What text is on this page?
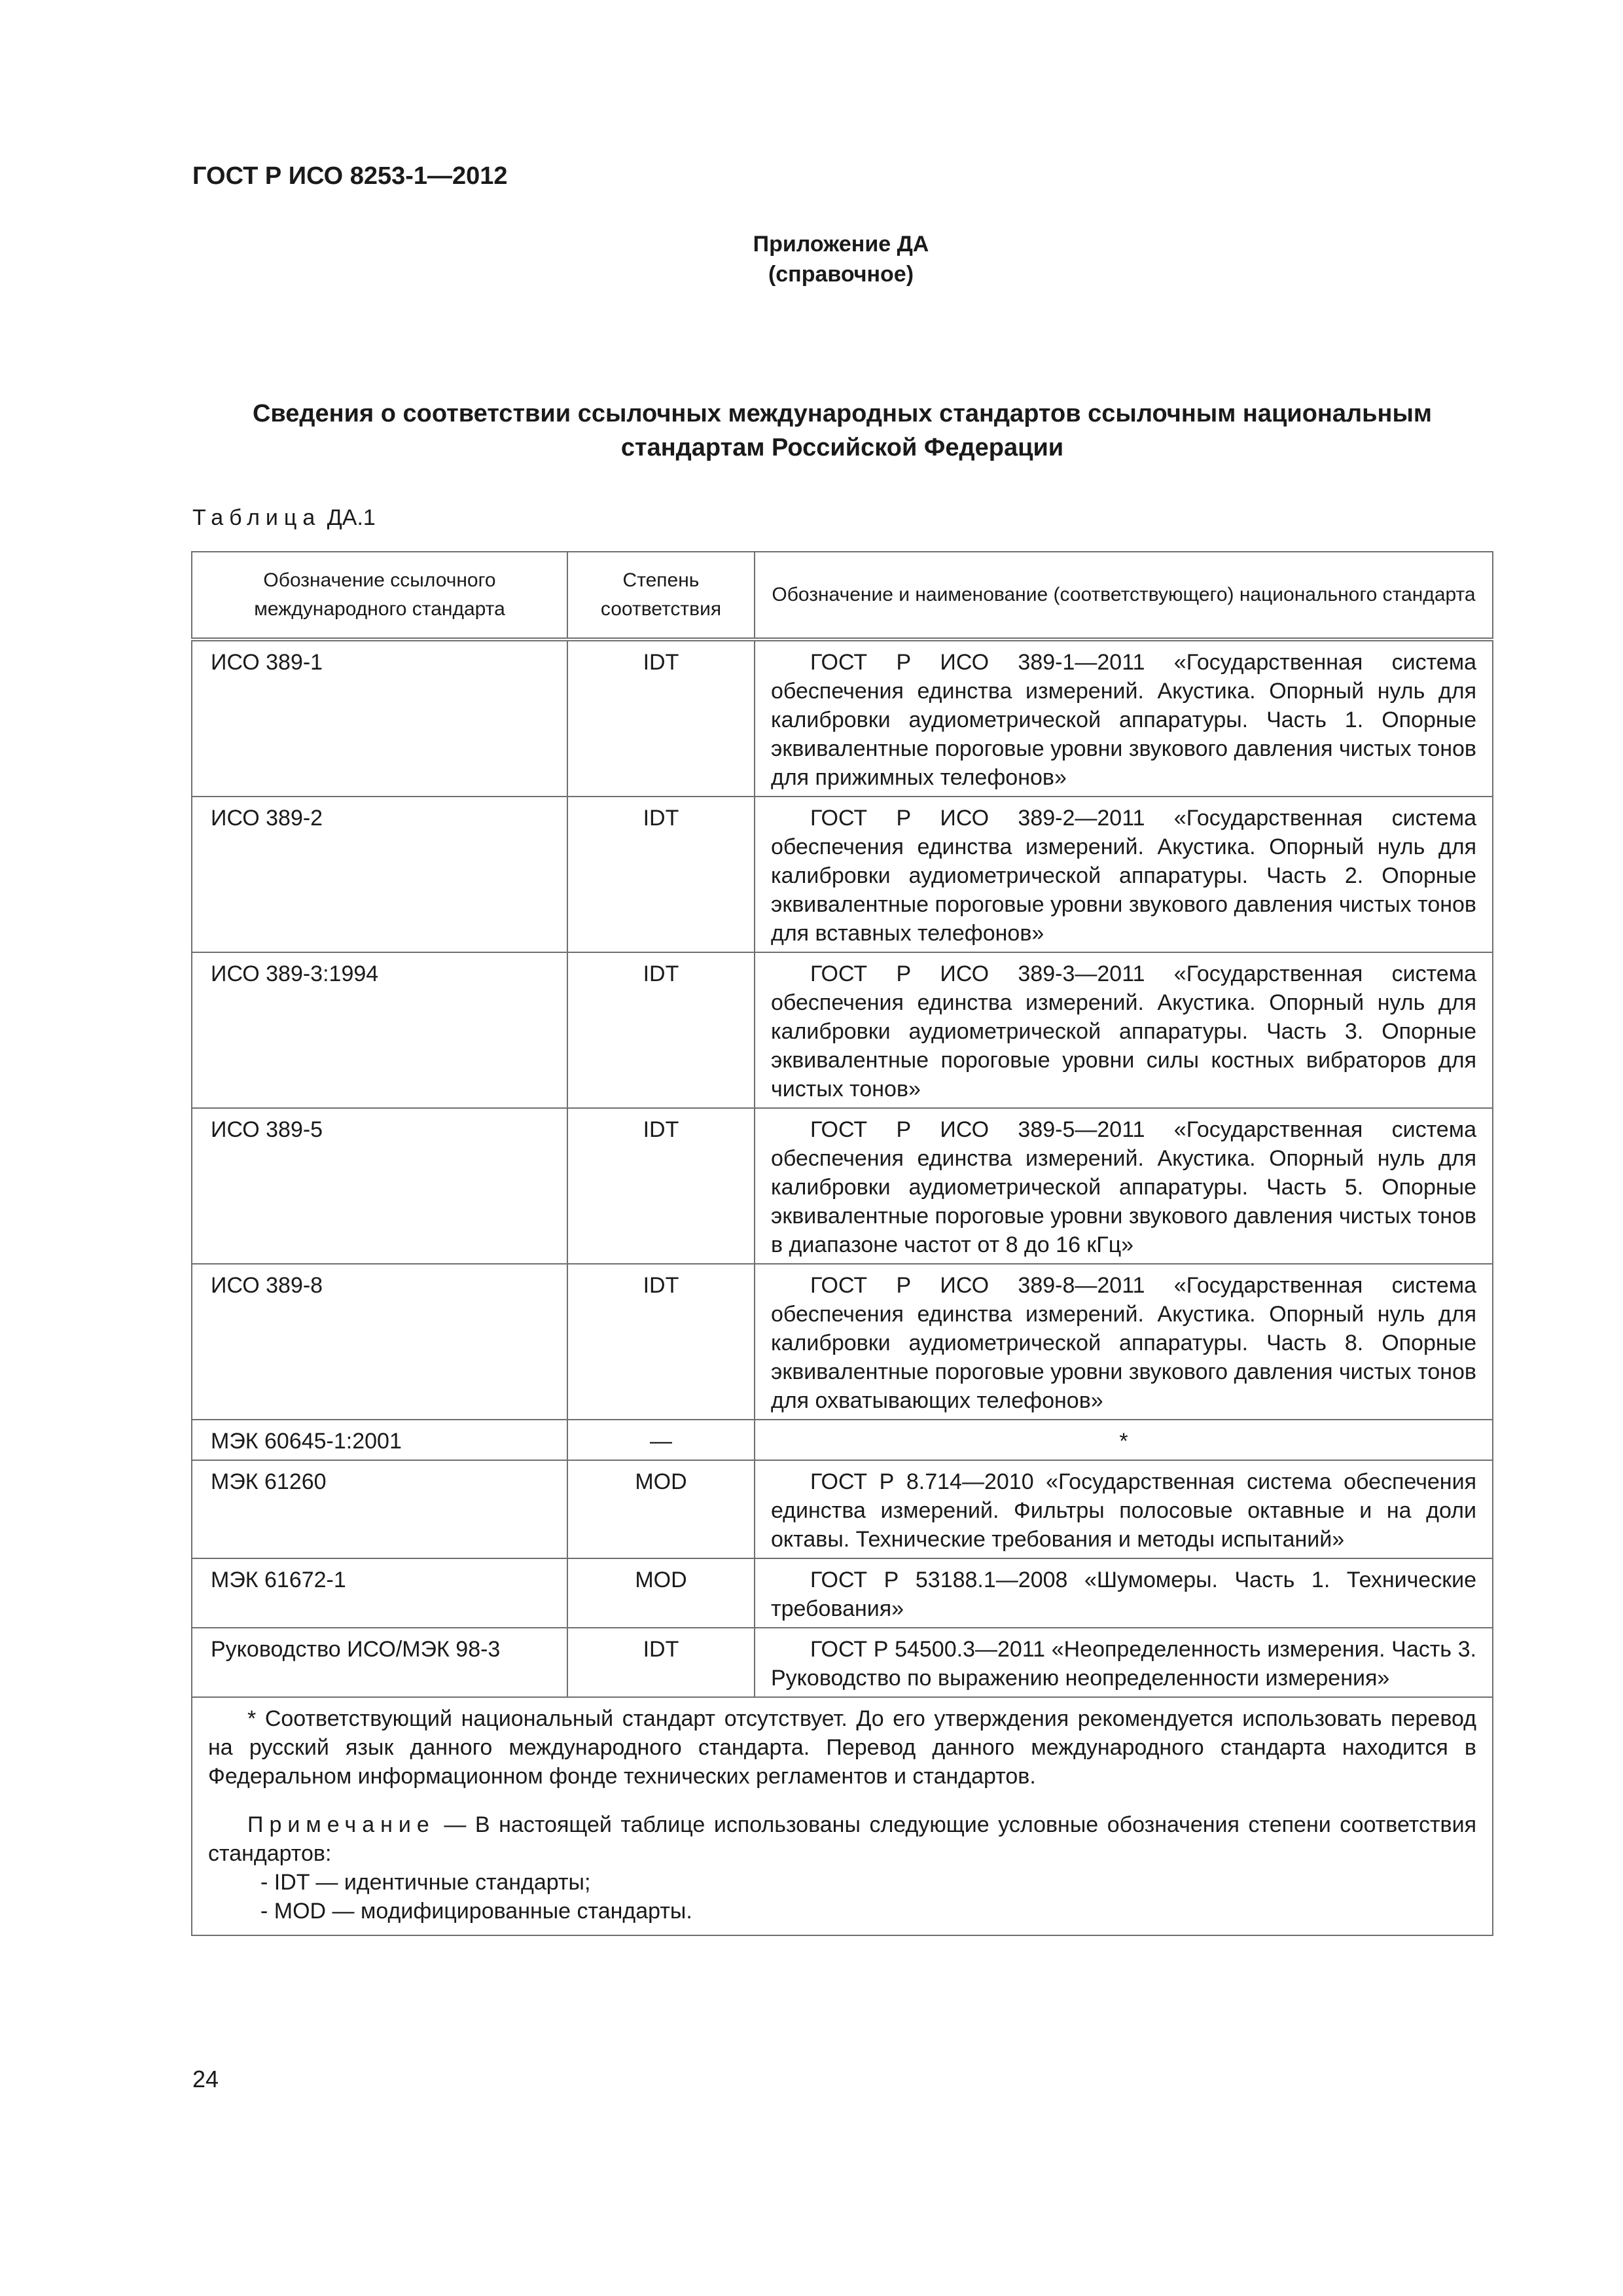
ГОСТ Р ИСО 8253-1—2012
Приложение ДА
(справочное)
Сведения о соответствии ссылочных международных стандартов ссылочным национальным стандартам Российской Федерации
Таблица ДА.1
Обозначение ссылочного международного стандарта	Степень соответствия	Обозначение и наименование (соответствующего) национального стандарта
ИСО 389-1	IDT	ГОСТ Р ИСО 389-1—2011 «Государственная система обеспечения единства измерений. Акустика. Опорный нуль для калибровки аудиометрической аппаратуры. Часть 1. Опорные эквивалентные пороговые уровни звукового давления чистых тонов для прижимных телефонов»
ИСО 389-2	IDT	ГОСТ Р ИСО 389-2—2011 «Государственная система обеспечения единства измерений. Акустика. Опорный нуль для калибровки аудиометрической аппаратуры. Часть 2. Опорные эквивалентные пороговые уровни звукового давления чистых тонов для вставных телефонов»
ИСО 389-3:1994	IDT	ГОСТ Р ИСО 389-3—2011 «Государственная система обеспечения единства измерений. Акустика. Опорный нуль для калибровки аудиометрической аппаратуры. Часть 3. Опорные эквивалентные пороговые уровни силы костных вибраторов для чистых тонов»
ИСО 389-5	IDT	ГОСТ Р ИСО 389-5—2011 «Государственная система обеспечения единства измерений. Акустика. Опорный нуль для калибровки аудиометрической аппаратуры. Часть 5. Опорные эквивалентные пороговые уровни звукового давления чистых тонов в диапазоне частот от 8 до 16 кГц»
ИСО 389-8	IDT	ГОСТ Р ИСО 389-8—2011 «Государственная система обеспечения единства измерений. Акустика. Опорный нуль для калибровки аудиометрической аппаратуры. Часть 8. Опорные эквивалентные пороговые уровни звукового давления чистых тонов для охватывающих телефонов»
МЭК 60645-1:2001	—	*
МЭК 61260	MOD	ГОСТ Р 8.714—2010 «Государственная система обеспечения единства измерений. Фильтры полосовые октавные и на доли октавы. Технические требования и методы испытаний»
МЭК 61672-1	MOD	ГОСТ Р 53188.1—2008 «Шумомеры. Часть 1. Технические требования»
Руководство ИСО/МЭК 98-3	IDT	ГОСТ Р 54500.3—2011 «Неопределенность измерения. Часть 3. Руководство по выражению неопределенности измерения»

* Соответствующий национальный стандарт отсутствует. До его утверждения рекомендуется использовать перевод на русский язык данного международного стандарта. Перевод данного международного стандарта находится в Федеральном информационном фонде технических регламентов и стандартов.

Примечание — В настоящей таблице использованы следующие условные обозначения степени соответствия стандартов:

- IDT — идентичные стандарты;

- MOD — модифицированные стандарты.		

24
